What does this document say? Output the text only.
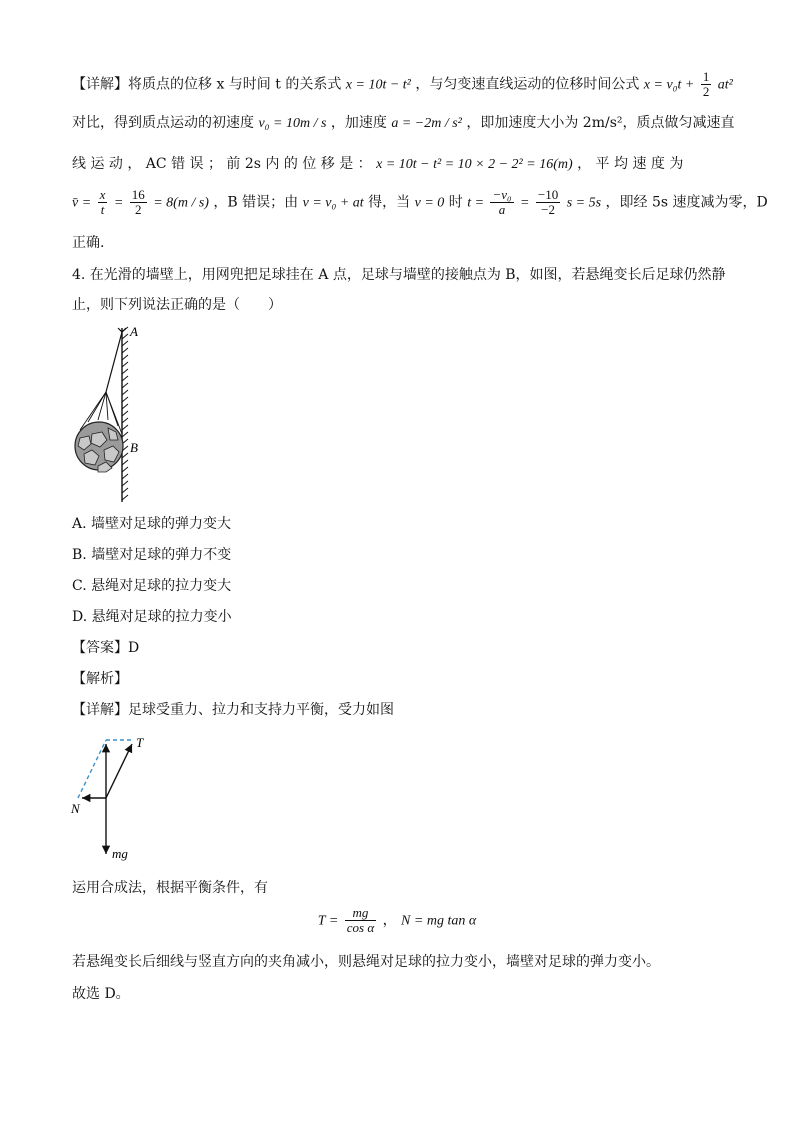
【详解】将质点的位移 x 与时间 t 的关系式 x = 10t − t² ，与匀变速直线运动的位移时间公式 $x = v_0t + \frac{1}{2} at^2$
对比，得到质点运动的初速度 v₀ = 10m / s ，加速度 a = −2m / s² ，即加速度大小为 2m/s²，质点做匀减速直
线 运 动 ， AC 错 误 ； 前 2s 内 的 位 移 是 ： x = 10t − t² = 10 × 2 − 2² = 16(m) ， 平 均 速 度 为
v̄ = $\frac{x}{t} = \frac{16}{2} = 8(m / s)$ ，B 错误；由 v = v₀ + at 得，当 v = 0 时 $t = \frac{\text{−v₀}}{a} = \frac{-10}{-2}$ s = 5s ，即经 5s 速度减为零，D
正确.
4. 在光滑的墙壁上，用网兜把足球挂在 A 点，足球与墙壁的接触点为 B，如图，若悬绳变长后足球仍然静
止，则下列说法正确的是（　　）
A
B
A. 墙壁对足球的弹力变大
B. 墙壁对足球的弹力不变
C. 悬绳对足球的拉力变大
D. 悬绳对足球的拉力变小
【答案】D
【解析】
【详解】足球受重力、拉力和支持力平衡，受力如图
T
N
mg
运用合成法，根据平衡条件，有
$T = \frac{mg}{\text{cos α}}$ ， N = mg tan α
若悬绳变长后细线与竖直方向的夹角减小，则悬绳对足球的拉力变小，墙壁对足球的弹力变小。
故选 D。
